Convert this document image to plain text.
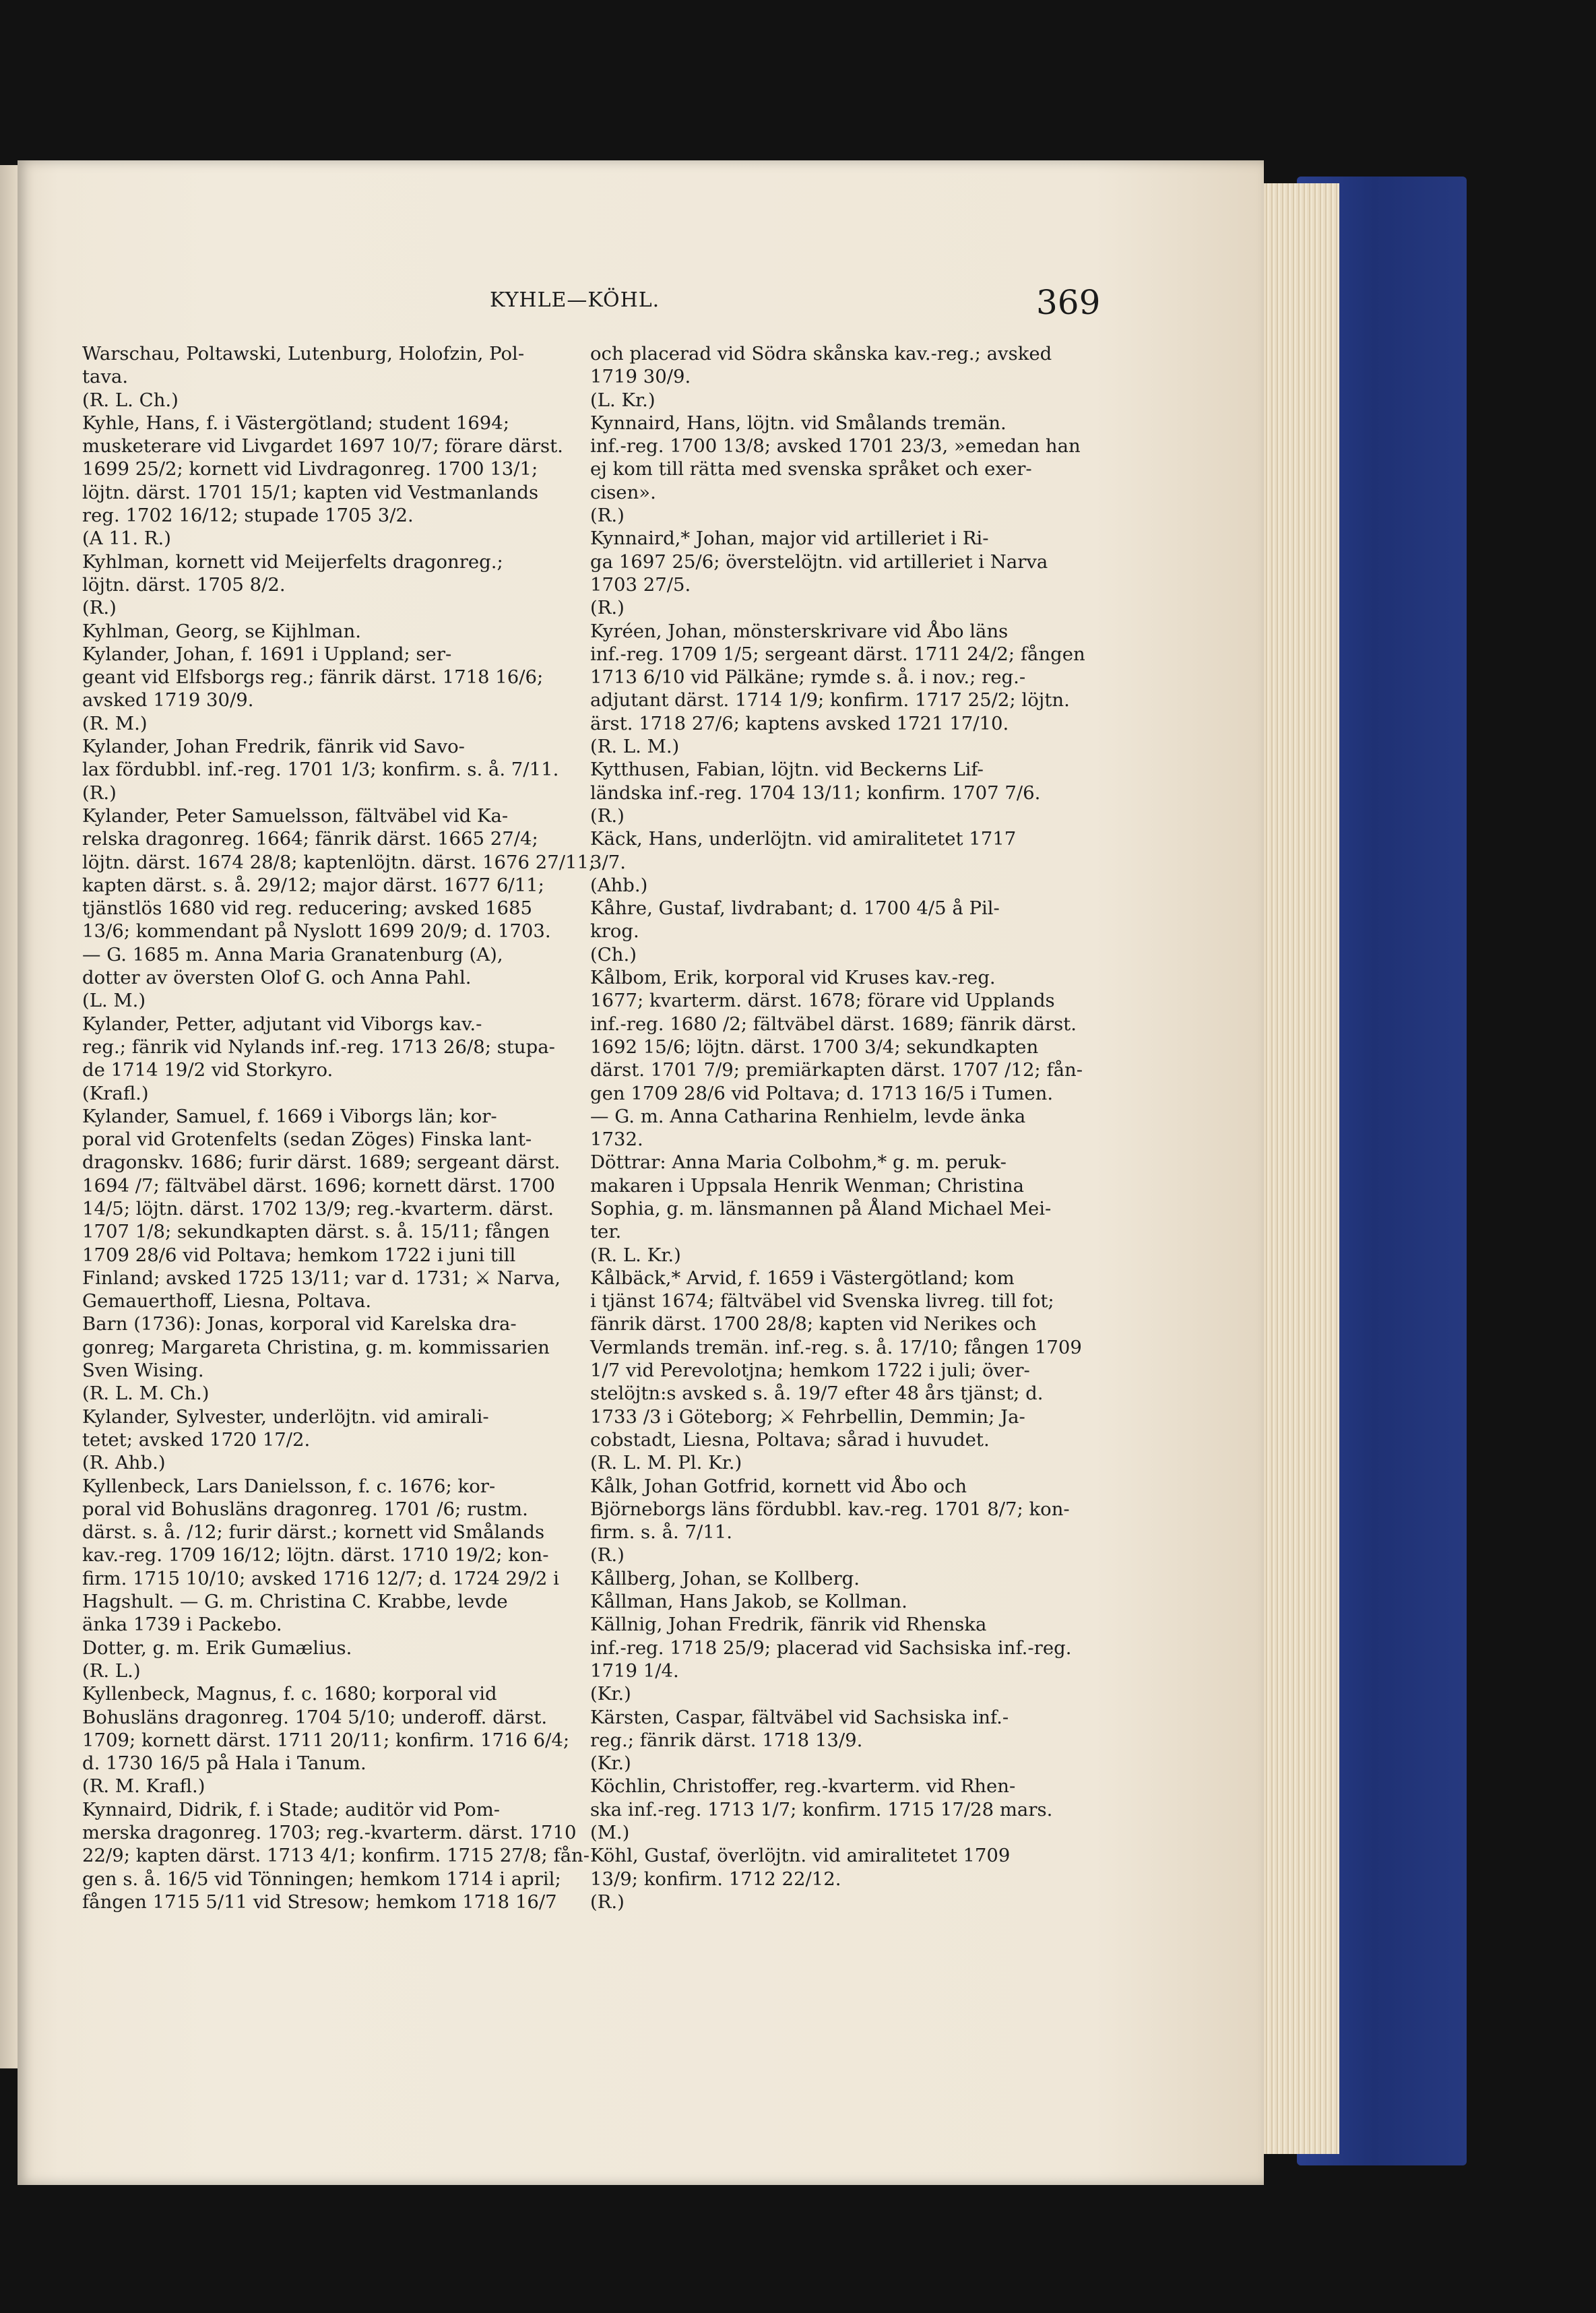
KYHLE—KÖHL.	369
Warschau, Poltawski, Lutenburg, Holofzin, Pol-
tava.
(R. L. Ch.)
Kyhle, Hans, f. i Västergötland; student 1694;
musketerare vid Livgardet 1697 10/7; förare därst.
1699 25/2; kornett vid Livdragonreg. 1700 13/1;
löjtn. därst. 1701 15/1; kapten vid Vestmanlands
reg. 1702 16/12; stupade 1705 3/2.
(A 11. R.)
Kyhlman, kornett vid Meijerfelts dragonreg.;
löjtn. därst. 1705 8/2.
(R.)
Kyhlman, Georg, se Kijhlman.
Kylander, Johan, f. 1691 i Uppland; ser-
geant vid Elfsborgs reg.; fänrik därst. 1718 16/6;
avsked 1719 30/9.
(R. M.)
Kylander, Johan Fredrik, fänrik vid Savo-
lax fördubbl. inf.-reg. 1701 1/3; konfirm. s. å. 7/11.
(R.)
Kylander, Peter Samuelsson, fältväbel vid Ka-
relska dragonreg. 1664; fänrik därst. 1665 27/4;
löjtn. därst. 1674 28/8; kaptenlöjtn. därst. 1676 27/11;
kapten därst. s. å. 29/12; major därst. 1677 6/11;
tjänstlös 1680 vid reg. reducering; avsked 1685
13/6; kommendant på Nyslott 1699 20/9; d. 1703.
— G. 1685 m. Anna Maria Granatenburg (A),
dotter av översten Olof G. och Anna Pahl.
(L. M.)
Kylander, Petter, adjutant vid Viborgs kav.-
reg.; fänrik vid Nylands inf.-reg. 1713 26/8; stupa-
de 1714 19/2 vid Storkyro.
(Krafl.)
Kylander, Samuel, f. 1669 i Viborgs län; kor-
poral vid Grotenfelts (sedan Zöges) Finska lant-
dragonskv. 1686; furir därst. 1689; sergeant därst.
1694 /7; fältväbel därst. 1696; kornett därst. 1700
14/5; löjtn. därst. 1702 13/9; reg.-kvarterm. därst.
1707 1/8; sekundkapten därst. s. å. 15/11; fången
1709 28/6 vid Poltava; hemkom 1722 i juni till
Finland; avsked 1725 13/11; var d. 1731; ⚔ Narva,
Gemauerthoff, Liesna, Poltava.
Barn (1736): Jonas, korporal vid Karelska dra-
gonreg; Margareta Christina, g. m. kommissarien
Sven Wising.
(R. L. M. Ch.)
Kylander, Sylvester, underlöjtn. vid amirali-
tetet; avsked 1720 17/2.
(R. Ahb.)
Kyllenbeck, Lars Danielsson, f. c. 1676; kor-
poral vid Bohusläns dragonreg. 1701 /6; rustm.
därst. s. å. /12; furir därst.; kornett vid Smålands
kav.-reg. 1709 16/12; löjtn. därst. 1710 19/2; kon-
firm. 1715 10/10; avsked 1716 12/7; d. 1724 29/2 i
Hagshult. — G. m. Christina C. Krabbe, levde
änka 1739 i Packebo.
Dotter, g. m. Erik Gumælius.
(R. L.)
Kyllenbeck, Magnus, f. c. 1680; korporal vid
Bohusläns dragonreg. 1704 5/10; underoff. därst.
1709; kornett därst. 1711 20/11; konfirm. 1716 6/4;
d. 1730 16/5 på Hala i Tanum.
(R. M. Krafl.)
Kynnaird, Didrik, f. i Stade; auditör vid Pom-
merska dragonreg. 1703; reg.-kvarterm. därst. 1710
22/9; kapten därst. 1713 4/1; konfirm. 1715 27/8; fån-
gen s. å. 16/5 vid Tönningen; hemkom 1714 i april;
fången 1715 5/11 vid Stresow; hemkom 1718 16/7
och placerad vid Södra skånska kav.-reg.; avsked
1719 30/9.
(L. Kr.)
Kynnaird, Hans, löjtn. vid Smålands tremän.
inf.-reg. 1700 13/8; avsked 1701 23/3, »emedan han
ej kom till rätta med svenska språket och exer-
cisen».
(R.)
Kynnaird,* Johan, major vid artilleriet i Ri-
ga 1697 25/6; överstelöjtn. vid artilleriet i Narva
1703 27/5.
(R.)
Kyréen, Johan, mönsterskrivare vid Åbo läns
inf.-reg. 1709 1/5; sergeant därst. 1711 24/2; fången
1713 6/10 vid Pälkäne; rymde s. å. i nov.; reg.-
adjutant därst. 1714 1/9; konfirm. 1717 25/2; löjtn.
ärst. 1718 27/6; kaptens avsked 1721 17/10.
(R. L. M.)
Kytthusen, Fabian, löjtn. vid Beckerns Lif-
ländska inf.-reg. 1704 13/11; konfirm. 1707 7/6.
(R.)
Käck, Hans, underlöjtn. vid amiralitetet 1717
3/7.
(Ahb.)
Kåhre, Gustaf, livdrabant; d. 1700 4/5 å Pil-
krog.
(Ch.)
Kålbom, Erik, korporal vid Kruses kav.-reg.
1677; kvarterm. därst. 1678; förare vid Upplands
inf.-reg. 1680 /2; fältväbel därst. 1689; fänrik därst.
1692 15/6; löjtn. därst. 1700 3/4; sekundkapten
därst. 1701 7/9; premiärkapten därst. 1707 /12; fån-
gen 1709 28/6 vid Poltava; d. 1713 16/5 i Tumen.
— G. m. Anna Catharina Renhielm, levde änka
1732.
Döttrar: Anna Maria Colbohm,* g. m. peruk-
makaren i Uppsala Henrik Wenman; Christina
Sophia, g. m. länsmannen på Åland Michael Mei-
ter.
(R. L. Kr.)
Kålbäck,* Arvid, f. 1659 i Västergötland; kom
i tjänst 1674; fältväbel vid Svenska livreg. till fot;
fänrik därst. 1700 28/8; kapten vid Nerikes och
Vermlands tremän. inf.-reg. s. å. 17/10; fången 1709
1/7 vid Perevolotjna; hemkom 1722 i juli; över-
stelöjtn:s avsked s. å. 19/7 efter 48 års tjänst; d.
1733 /3 i Göteborg; ⚔ Fehrbellin, Demmin; Ja-
cobstadt, Liesna, Poltava; sårad i huvudet.
(R. L. M. Pl. Kr.)
Kålk, Johan Gotfrid, kornett vid Åbo och
Björneborgs läns fördubbl. kav.-reg. 1701 8/7; kon-
firm. s. å. 7/11.
(R.)
Kållberg, Johan, se Kollberg.
Kållman, Hans Jakob, se Kollman.
Källnig, Johan Fredrik, fänrik vid Rhenska
inf.-reg. 1718 25/9; placerad vid Sachsiska inf.-reg.
1719 1/4.
(Kr.)
Kärsten, Caspar, fältväbel vid Sachsiska inf.-
reg.; fänrik därst. 1718 13/9.
(Kr.)
Köchlin, Christoffer, reg.-kvarterm. vid Rhen-
ska inf.-reg. 1713 1/7; konfirm. 1715 17/28 mars.
(M.)
Köhl, Gustaf, överlöjtn. vid amiralitetet 1709
13/9; konfirm. 1712 22/12.
(R.)
